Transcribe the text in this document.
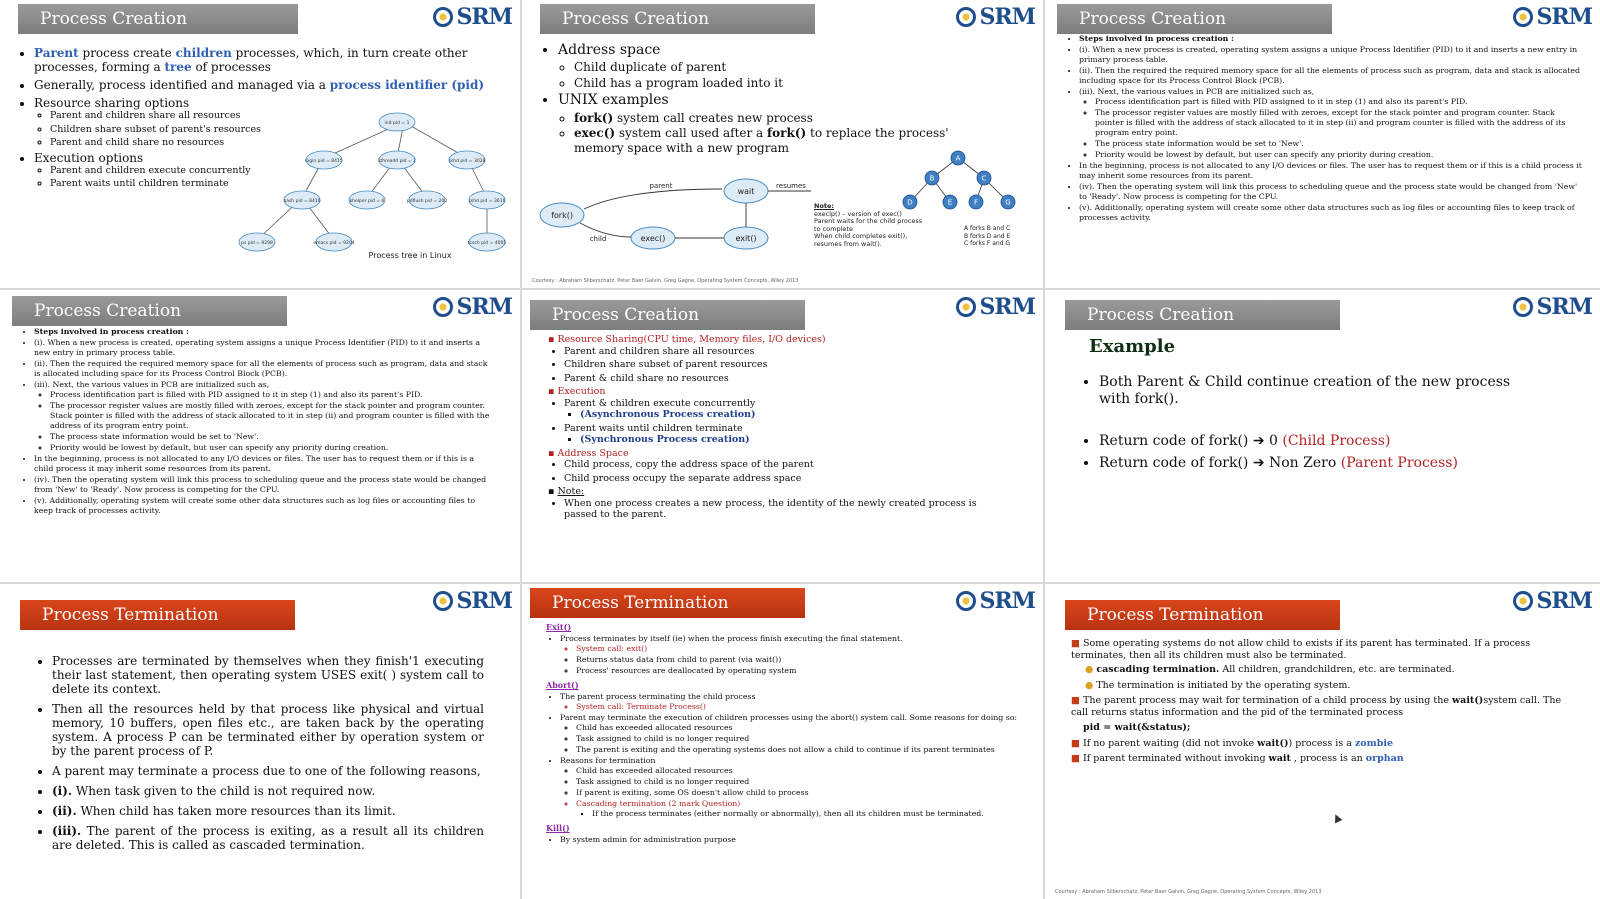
Process Creation	SRM
• Parent process create children processes, which, in turn create other processes, forming a tree of processes
• Generally, process identified and managed via a process identifier (pid)
• Resource sharing options
◦ Parent and children share all resources
◦ Children share subset of parent's resources
◦ Parent and child share no resources
• Execution options
◦ Parent and children execute concurrently
◦ Parent waits until children terminate
init pid = 1
login pid = 8415	kthreadd pid = 2	sshd pid = 3028
bash pid = 8416	khelper pid = 6	pdflush pid = 200	sshd pid = 3610
ps pid = 9298	emacs pid = 9204	tcsch pid = 4005
Process tree in Linux
Process Creation	SRM
• Address space
◦ Child duplicate of parent
◦ Child has a program loaded into it
• UNIX examples
◦ fork() system call creates new process
◦ exec() system call used after a fork() to replace the process' memory space with a new program
fork()
wait
exec()	exit()
parent
child
resumes
Note:
execlp() – version of exec()
Parent waits for the child process
to complete
When child completes exit(),
resumes from wait().
A
B	C
D	E	F	G
A forks B and C
B forks D and E
C forks F and G
Courtesy : Abraham Silberschatz, Peter Baer Galvin, Greg Gagne, Operating System Concepts, Wiley 2013
Process Creation	SRM
• Steps involved in process creation :
• (i). When a new process is created, operating system assigns a unique Process Identifier (PID) to it and inserts a new entry in primary process table.
• (ii). Then the required the required memory space for all the elements of process such as program, data and stack is allocated including space for its Process Control Block (PCB).
• (iii). Next, the various values in PCB are initialized such as,
◦ Process identification part is filled with PID assigned to it in step (1) and also its parent's PID.
◦ The processor register values are mostly filled with zeroes, except for the stack pointer and program counter. Stack pointer is filled with the address of stack allocated to it in step (ii) and program counter is filled with the address of its program entry point.
◦ The process state information would be set to 'New'.
◦ Priority would be lowest by default, but user can specify any priority during creation.
• In the beginning, process is not allocated to any I/O devices or files. The user has to request them or if this is a child process it may inherit some resources from its parent.
• (iv). Then the operating system will link this process to scheduling queue and the process state would be changed from 'New' to 'Ready'. Now process is competing for the CPU.
• (v). Additionally, operating system will create some other data structures such as log files or accounting files to keep track of processes activity.
Process Creation	SRM
• Steps involved in process creation :
• (i). When a new process is created, operating system assigns a unique Process Identifier (PID) to it and inserts a new entry in primary process table.
• (ii). Then the required the required memory space for all the elements of process such as program, data and stack is allocated including space for its Process Control Block (PCB).
• (iii). Next, the various values in PCB are initialized such as,
◦ Process identification part is filled with PID assigned to it in step (1) and also its parent's PID.
◦ The processor register values are mostly filled with zeroes, except for the stack pointer and program counter. Stack pointer is filled with the address of stack allocated to it in step (ii) and program counter is filled with the address of its program entry point.
◦ The process state information would be set to 'New'.
◦ Priority would be lowest by default, but user can specify any priority during creation.
• In the beginning, process is not allocated to any I/O devices or files. The user has to request them or if this is a child process it may inherit some resources from its parent.
• (iv). Then the operating system will link this process to scheduling queue and the process state would be changed from 'New' to 'Ready'. Now process is competing for the CPU.
• (v). Additionally, operating system will create some other data structures such as log files or accounting files to keep track of processes activity.
Process Creation	SRM
▪ Resource Sharing(CPU time, Memory files, I/O devices)
• Parent and children share all resources
• Children share subset of parent resources
• Parent & child share no resources
▪ Execution
• Parent & children execute concurrently
▪ (Asynchronous Process creation)
• Parent waits until children terminate
▪ (Synchronous Process creation)
▪ Address Space
• Child process, copy the address space of the parent
• Child process occupy the separate address space
▪ Note:
• When one process creates a new process, the identity of the newly created process is passed to the parent.
Process Creation	SRM
Example
• Both Parent & Child continue creation of the new process with fork().
• Return code of fork() ➔ 0 (Child Process)
• Return code of fork() ➔ Non Zero (Parent Process)
Process Termination
SRM
• Processes are terminated by themselves when they finish'1 executing their last statement, then operating system USES exit( ) system call to delete its context.
• Then all the resources held by that process like physical and virtual memory, 10 buffers, open files etc., are taken back by the operating system. A process P can be terminated either by operation system or by the parent process of P.
• A parent may terminate a process due to one of the following reasons,
• (i). When task given to the child is not required now.
• (ii). When child has taken more resources than its limit.
• (iii). The parent of the process is exiting, as a result all its children are deleted. This is called as cascaded termination.
Process Termination	SRM
Exit()
• Process terminates by itself (ie) when the process finish executing the final statement.
◦ System call: exit()
◦ Returns status data from child to parent (via wait())
◦ Process' resources are deallocated by operating system
Abort()
• The parent process terminating the child process
◦ System call: Terminate Process()
• Parent may terminate the execution of children processes using the abort() system call. Some reasons for doing so:
◦ Child has exceeded allocated resources
◦ Task assigned to child is no longer required
◦ The parent is exiting and the operating systems does not allow a child to continue if its parent terminates
• Reasons for termination
◦ Child has exceeded allocated resources
◦ Task assigned to child is no longer required
◦ If parent is exiting, some OS doesn't allow child to process
◦ Cascading termination (2 mark Question)
▪ If the process terminates (either normally or abnormally), then all its children must be terminated.
Kill()
• By system admin for administration purpose
Process Termination
SRM
■ Some operating systems do not allow child to exists if its parent has terminated. If a process terminates, then all its children must also be terminated.
● cascading termination. All children, grandchildren, etc. are terminated.
● The termination is initiated by the operating system.
■ The parent process may wait for termination of a child process by using the wait()system call. The call returns status information and the pid of the terminated process
pid = wait(&status);
■ If no parent waiting (did not invoke wait()) process is a zombie
■ If parent terminated without invoking wait , process is an orphan
Courtesy : Abraham Silberschatz, Peter Baer Galvin, Greg Gagne, Operating System Concepts, Wiley 2013
